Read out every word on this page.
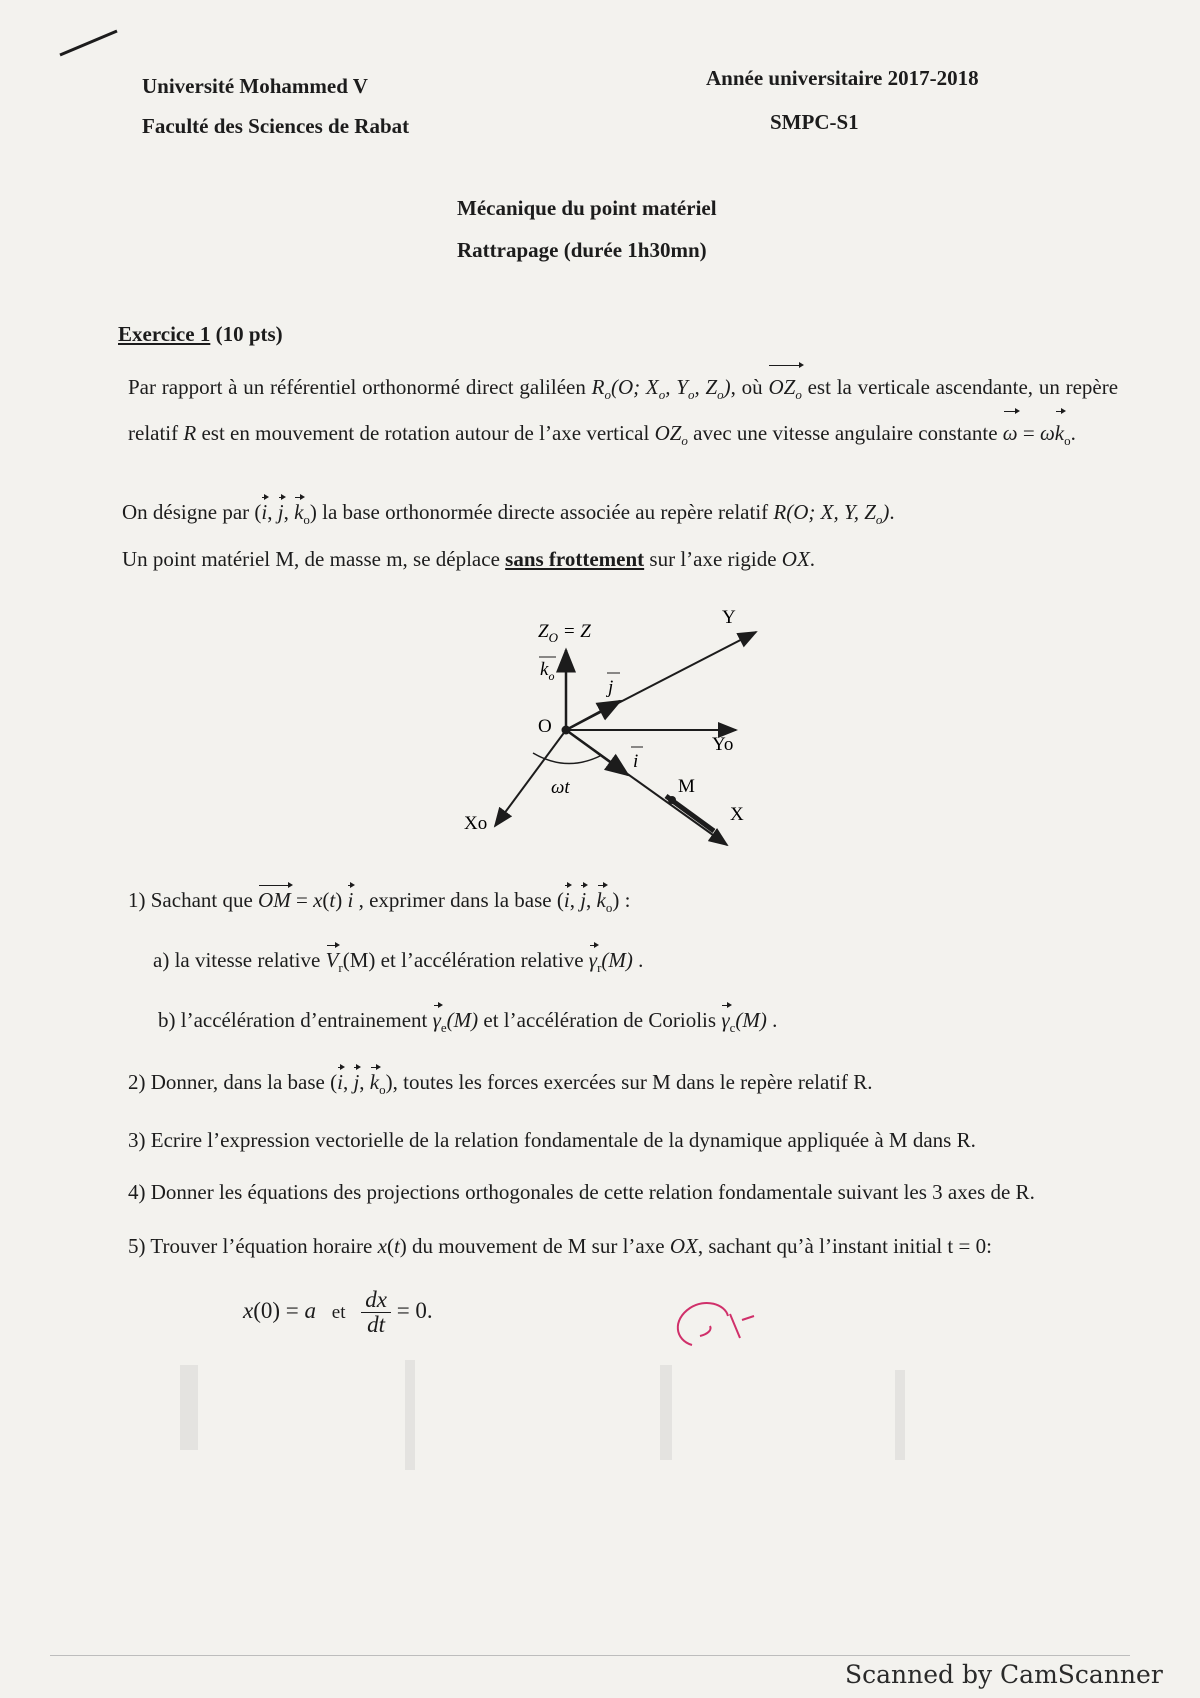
Université Mohammed V
Faculté des Sciences de Rabat
Année universitaire 2017-2018
SMPC-S1
Mécanique du point matériel
Rattrapage (durée 1h30mn)
Exercice 1 (10 pts)
Par rapport à un référentiel orthonormé direct galiléen $R_o(O$; $X_o$, $Y_o$, $Z_o$), où $OZ_o$ est la verticale ascendante, un repère relatif R est en mouvement de rotation autour de l’axe vertical $OZ_o$ avec une vitesse angulaire constante $\omega = \omega k_o$.
On désigne par (i, j, $k_o$) la base orthonormée directe associée au repère relatif R(O; X, Y, $Z_o$).
Un point matériel M, de masse m, se déplace sans frottement sur l’axe rigide OX.
$Z_O = Z$
$k_o$
Y
j
O
Yo
i
ωt	M
X
Xo
1) Sachant que OM = x(t) i , exprimer dans la base (i, j, $k_o$) :
a) la vitesse relative $V_r(M)$ et l’accélération relative $\gamma_r(M)$ .
b) l’accélération d’entrainement $\gamma_e(M)$ et l’accélération de Coriolis $\gamma_c(M)$ .
2) Donner, dans la base (i, j, $k_o$), toutes les forces exercées sur M dans le repère relatif R.
3) Ecrire l’expression vectorielle de la relation fondamentale de la dynamique appliquée à M dans R.
4) Donner les équations des projections orthogonales de cette relation fondamentale suivant les 3 axes de R.
5) Trouver l’équation horaire x(t) du mouvement de M sur l’axe OX, sachant qu’à l’instant initial t = 0:
x(0) = a et $\frac{dx}{dt} = 0$.
Scanned by CamScanner
